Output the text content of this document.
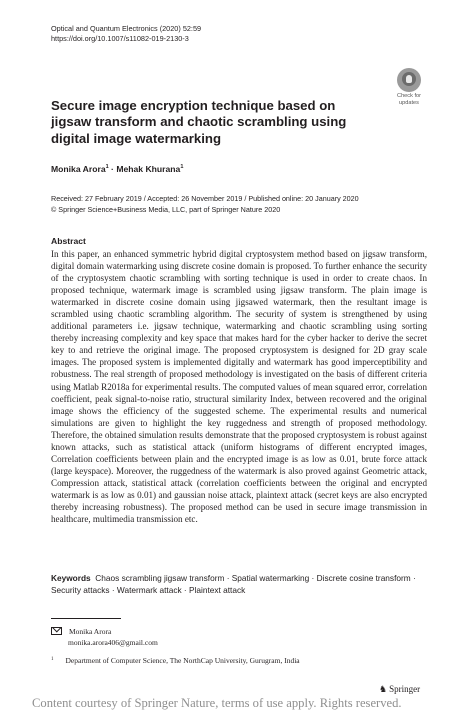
Optical and Quantum Electronics (2020) 52:59
https://doi.org/10.1007/s11082-019-2130-3
Check for
updates
Secure image encryption technique based on jigsaw transform and chaotic scrambling using digital image watermarking
Monika Arora$^1$ · Mehak Khurana$^1$
Received: 27 February 2019 / Accepted: 26 November 2019 / Published online: 20 January 2020
© Springer Science+Business Media, LLC, part of Springer Nature 2020
Abstract

In this paper, an enhanced symmetric hybrid digital cryptosystem method based on jigsaw transform, digital domain watermarking using discrete cosine domain is proposed. To further enhance the security of the cryptosystem chaotic scrambling with sorting technique is used in order to create chaos. In proposed technique, watermark image is scrambled using jigsaw transform. The plain image is watermarked in discrete cosine domain using jigsawed watermark, then the resultant image is scrambled using chaotic scrambling algorithm. The security of system is strengthened by using additional parameters i.e. jigsaw technique, watermarking and chaotic scrambling using sorting thereby increasing complexity and key space that makes hard for the cyber hacker to derive the secret key to and retrieve the original image. The proposed cryptosystem is designed for 2D gray scale images. The proposed system is implemented digitally and watermark has good imperceptibility and robustness. The real strength of proposed methodology is investigated on the basis of different criteria using Matlab R2018a for experimental results. The computed values of mean squared error, correlation coefficient, peak signal-to-noise ratio, structural similarity Index, between recovered and the original image shows the efficiency of the suggested scheme. The experimental results and numerical simulations are given to highlight the key ruggedness and strength of proposed methodology. Therefore, the obtained simulation results demonstrate that the proposed cryptosystem is robust against known attacks, such as statistical attack (uniform histograms of different encrypted images, Correlation coefficients between plain and the encrypted image is as low as 0.01, brute force attack (large keyspace). Moreover, the ruggedness of the watermark is also proved against Geometric attack, Compression attack, statistical attack (correlation coefficients between the original and encrypted watermark is as low as 0.01) and gaussian noise attack, plaintext attack (secret keys are also encrypted thereby increasing robustness). The proposed method can be used in secure image transmission in healthcare, multimedia transmission etc.

Keywords Chaos scrambling jigsaw transform · Spatial watermarking · Discrete cosine transform · Security attacks · Watermark attack · Plaintext attack
Monika Arora
monika.arora406@gmail.com
$^1$ Department of Computer Science, The NorthCap University, Gurugram, India
♞ Springer
Content courtesy of Springer Nature, terms of use apply. Rights reserved.
